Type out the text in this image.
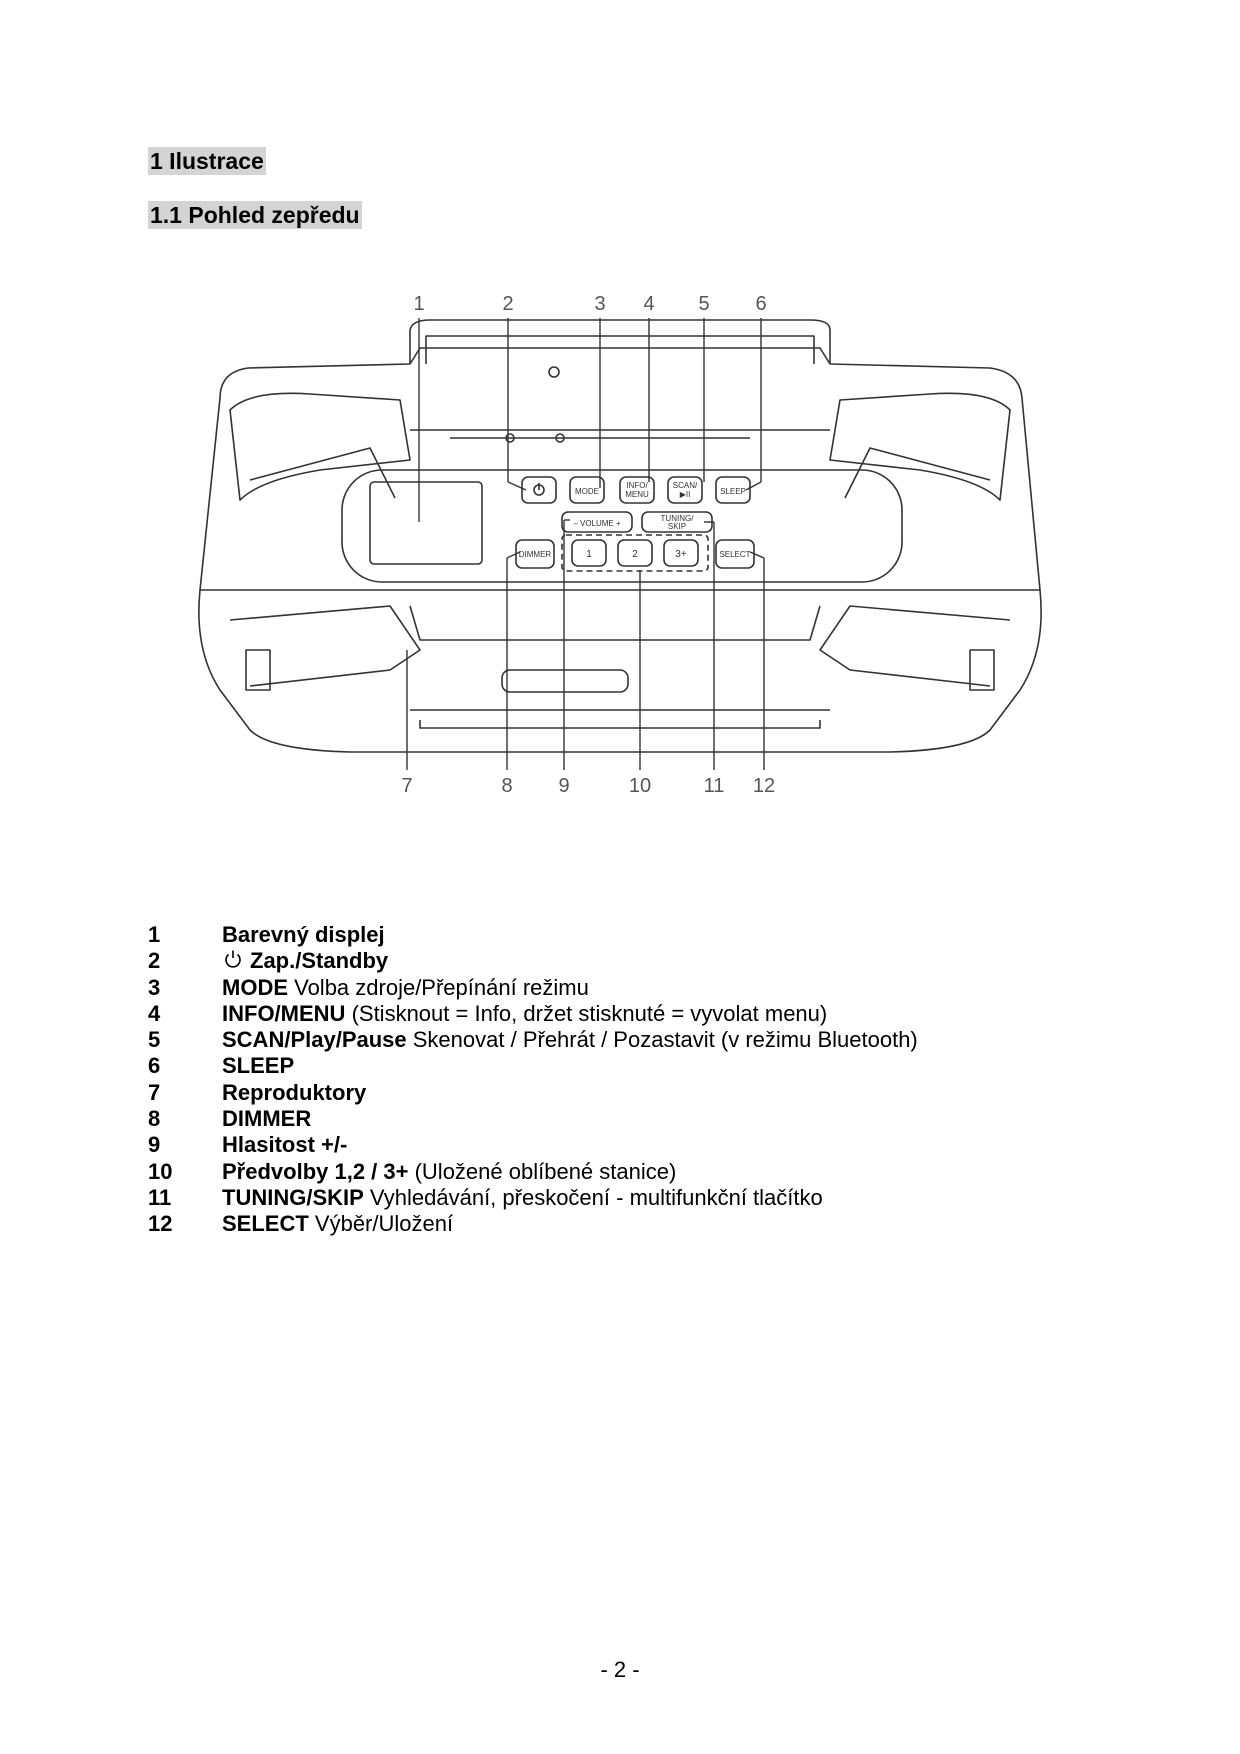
1 Ilustrace
1.1 Pohled zepředu
MODE
INFO/
MENU
SCAN/
▶II	SLEEP
– VOLUME +
TUNING/
SKIP
DIMMER	1	2	3+	SELECT
1	2	3 4 5 6
7	8 9	10	11 12
1	Barevný displej
2	Zap./Standby
3	MODE Volba zdroje/Přepínání režimu
4	INFO/MENU (Stisknout = Info, držet stisknuté = vyvolat menu)
5	SCAN/Play/Pause Skenovat / Přehrát / Pozastavit (v režimu Bluetooth)
6	SLEEP
7	Reproduktory
8	DIMMER
9	Hlasitost +/-
10 Předvolby 1,2 / 3+ (Uložené oblíbené stanice)
11 TUNING/SKIP Vyhledávání, přeskočení - multifunkční tlačítko
12 SELECT Výběr/Uložení
- 2 -
